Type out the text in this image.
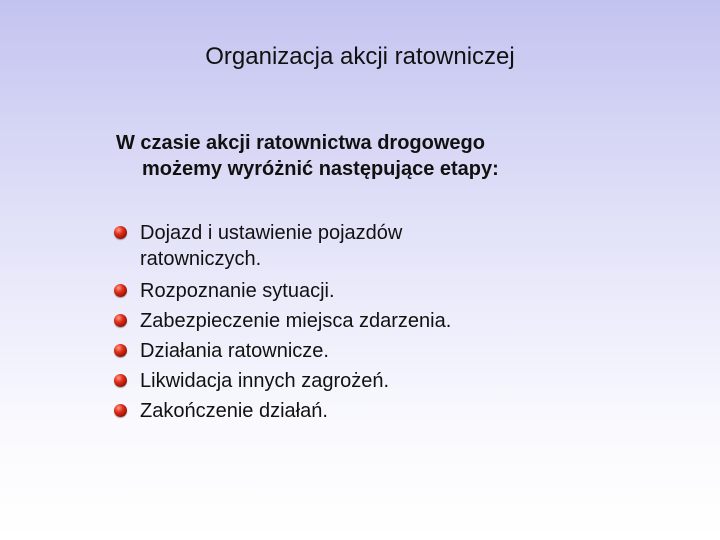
Organizacja akcji ratowniczej
W czasie akcji ratownictwa drogowego
możemy wyróżnić następujące etapy:
Dojazd i ustawienie pojazdów
ratowniczych.
Rozpoznanie sytuacji.
Zabezpieczenie miejsca zdarzenia.
Działania ratownicze.
Likwidacja innych zagrożeń.
Zakończenie działań.
